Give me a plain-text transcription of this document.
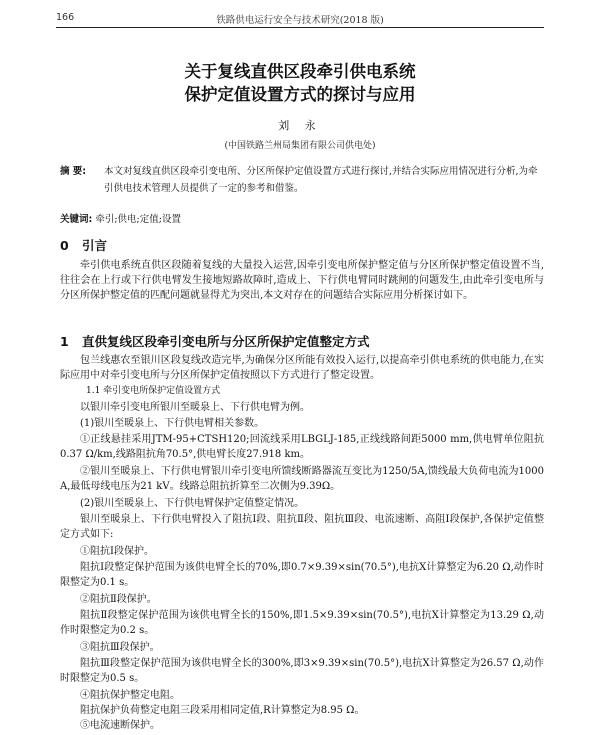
166	铁路供电运行安全与技术研究(2018 版)
关于复线直供区段牵引供电系统
保护定值设置方式的探讨与应用
刘 永
(中国铁路兰州局集团有限公司供电处)
摘 要:	本文对复线直供区段牵引变电所、分区所保护定值设置方式进行探讨,并结合实际应用情况进行分析,为牵引供电技术管理人员提供了一定的参考和借鉴。
关键词: 牵引;供电;定值;设置
0 引言
牵引供电系统直供区段随着复线的大量投入运营,因牵引变电所保护整定值与分区所保护整定值设置不当,往往会在上行或下行供电臂发生接地短路故障时,造成上、下行供电臂同时跳闸的问题发生,由此牵引变电所与分区所保护整定值的匹配问题就显得尤为突出,本文对存在的问题结合实际应用分析探讨如下。
1 直供复线区段牵引变电所与分区所保护定值整定方式
包兰线惠农至银川区段复线改造完毕,为确保分区所能有效投入运行,以提高牵引供电系统的供电能力,在实际应用中对牵引变电所与分区所保护定值按照以下方式进行了整定设置。
1.1 牵引变电所保护定值设置方式
以银川牵引变电所银川至暖泉上、下行供电臂为例。
(1)银川至暖泉上、下行供电臂相关参数。
①正线悬挂采用JTM-95+CTSH120;回流线采用LBGLJ-185,正线线路间距5000 mm,供电臂单位阻抗0.37 Ω/km,线路阻抗角70.5°,供电臂长度27.918 km。
②银川至暖泉上、下行供电臂银川牵引变电所馈线断路器流互变比为1250/5A,馈线最大负荷电流为1000A,最低母线电压为21 kV。线路总阻抗折算至二次侧为9.39Ω。
(2)银川至暖泉上、下行供电臂保护定值整定情况。
银川至暖泉上、下行供电臂投入了阻抗Ⅰ段、阻抗Ⅱ段、阻抗Ⅲ段、电流速断、高阻Ⅰ段保护,各保护定值整定方式如下:
①阻抗Ⅰ段保护。
阻抗Ⅰ段整定保护范围为该供电臂全长的70%,即0.7×9.39×sin(70.5°),电抗X计算整定为6.20 Ω,动作时限整定为0.1 s。
②阻抗Ⅱ段保护。
阻抗Ⅱ段整定保护范围为该供电臂全长的150%,即1.5×9.39×sin(70.5°),电抗X计算整定为13.29 Ω,动作时限整定为0.2 s。
③阻抗Ⅲ段保护。
阻抗Ⅲ段整定保护范围为该供电臂全长的300%,即3×9.39×sin(70.5°),电抗X计算整定为26.57 Ω,动作时限整定为0.5 s。
④阻抗保护整定电阻。
阻抗保护负荷整定电阻三段采用相同定值,R计算整定为8.95 Ω。
⑤电流速断保护。
